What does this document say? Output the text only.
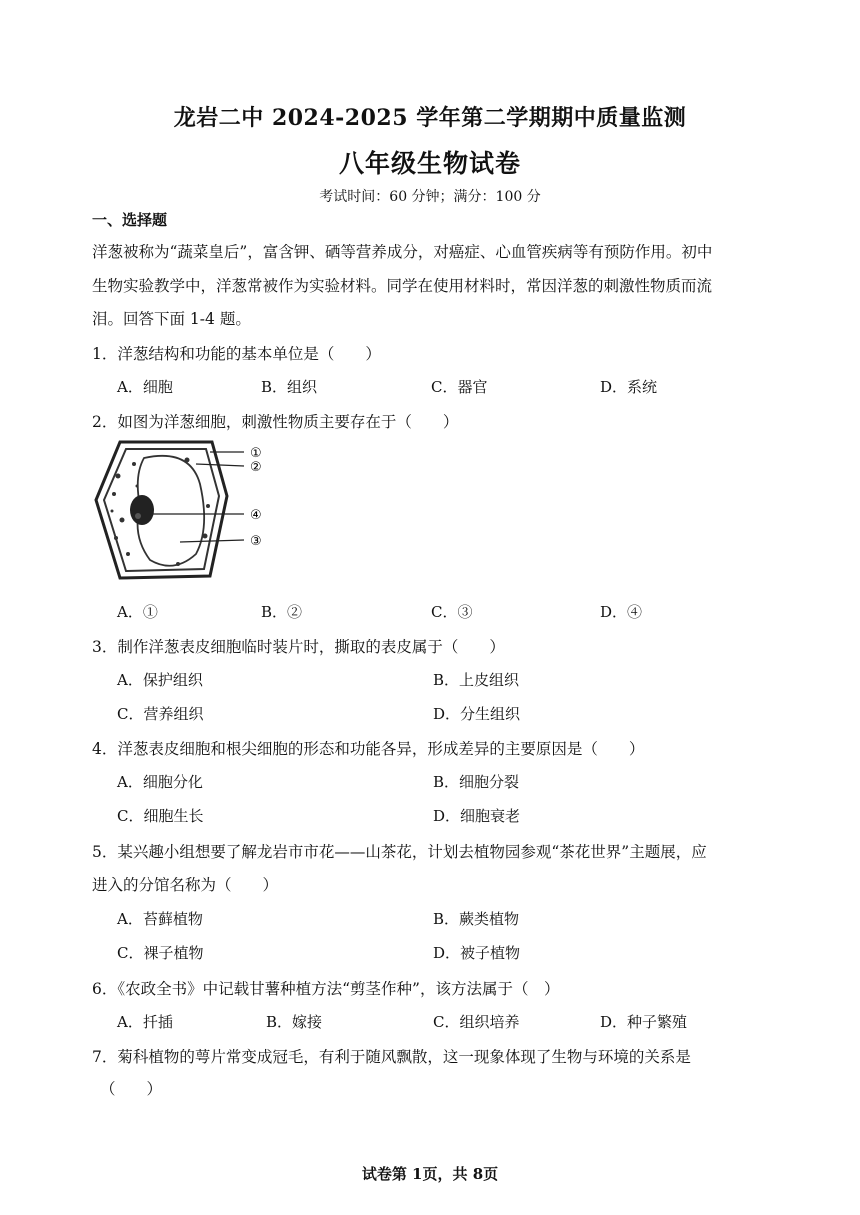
龙岩二中 2024-2025 学年第二学期期中质量监测
八年级生物试卷
考试时间：60 分钟；满分：100 分
一、选择题
洋葱被称为“蔬菜皇后”，富含钾、硒等营养成分，对癌症、心血管疾病等有预防作用。初中
生物实验教学中，洋葱常被作为实验材料。同学在使用材料时，常因洋葱的刺激性物质而流
泪。回答下面 1-4 题。
1．洋葱结构和功能的基本单位是（　　）
A．细胞	B．组织	C．器官	D．系统
2．如图为洋葱细胞，刺激性物质主要存在于（　　）
①
②
④
③
A．①	B．②	C．③	D．④
3．制作洋葱表皮细胞临时装片时，撕取的表皮属于（　　）
A．保护组织	B．上皮组织
C．营养组织	D．分生组织
4．洋葱表皮细胞和根尖细胞的形态和功能各异，形成差异的主要原因是（　　）
A．细胞分化	B．细胞分裂
C．细胞生长	D．细胞衰老
5．某兴趣小组想要了解龙岩市市花——山茶花，计划去植物园参观“茶花世界”主题展，应
进入的分馆名称为（　　）
A．苔藓植物	B．蕨类植物
C．裸子植物	D．被子植物
6．《农政全书》中记载甘薯种植方法“剪茎作种”，该方法属于（　）
A．扦插	B．嫁接	C．组织培养	D．种子繁殖
7．菊科植物的萼片常变成冠毛，有利于随风飘散，这一现象体现了生物与环境的关系是
（　　）
试卷第 1页，共 8页
